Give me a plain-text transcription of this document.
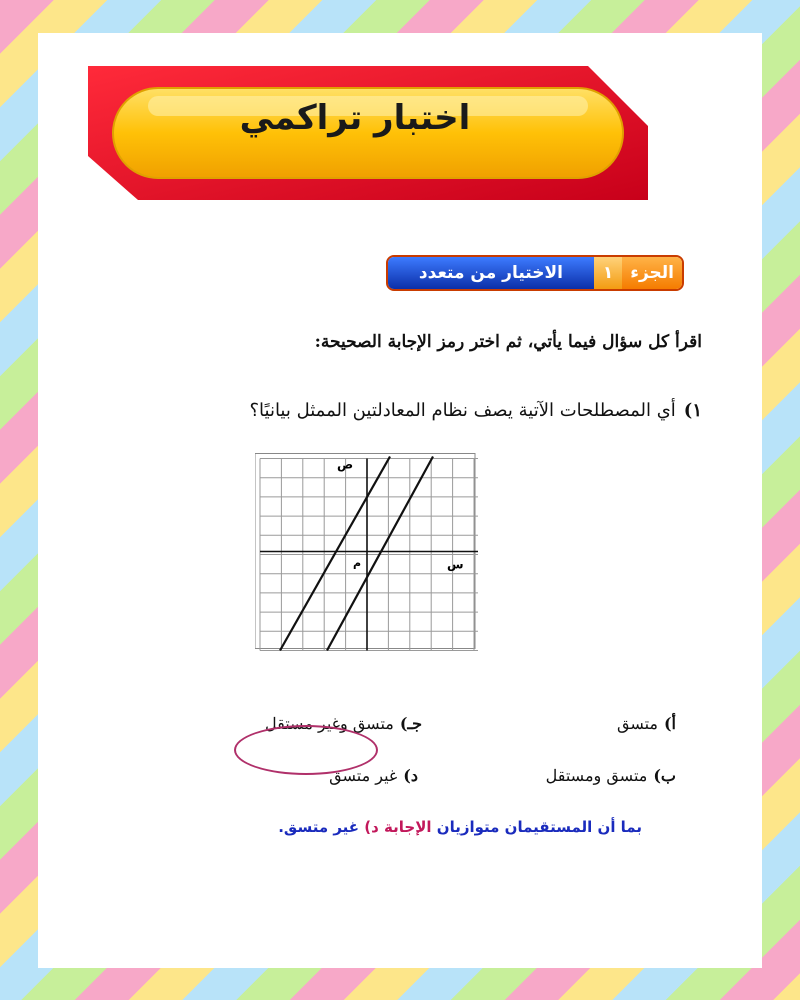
اختبار تراكمي
الجزء
١
الاختيار من متعدد
اقرأ كل سؤال فيما يأتي، ثم اختر رمز الإجابة الصحيحة:
١)أي المصطلحات الآتية يصف نظام المعادلتين الممثل بيانيًا؟
ص
س
م
أ)متسق
جـ)متسق وغير مستقل
ب)متسق ومستقل
د)غير متسق
بما أن المستقيمان متوازيان الإجابة د) غير متسق.
